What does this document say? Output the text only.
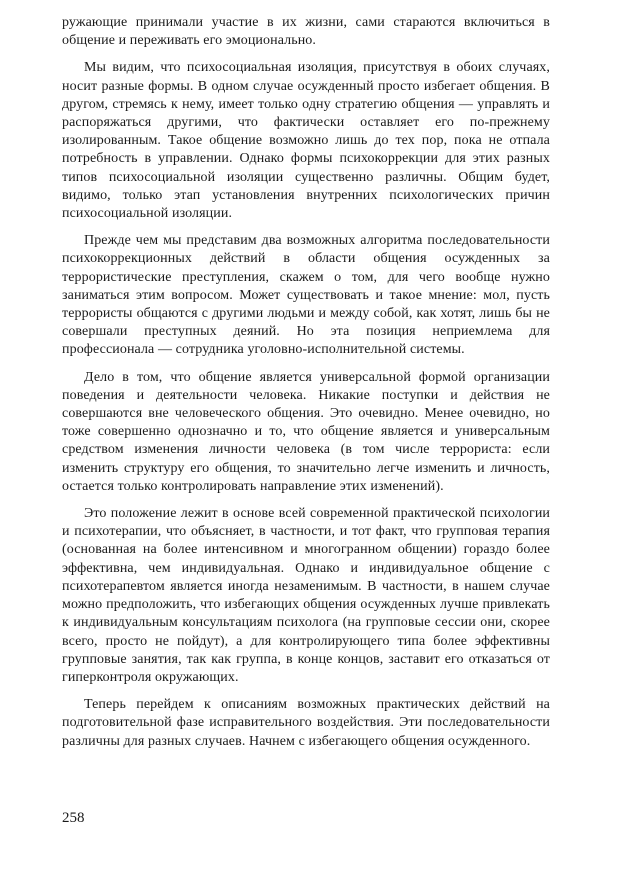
ружающие принимали участие в их жизни, сами стараются включиться в общение и переживать его эмоционально.

Мы видим, что психосоциальная изоляция, присутствуя в обоих случаях, носит разные формы. В одном случае осужденный просто избегает общения. В другом, стремясь к нему, имеет только одну стратегию общения — управлять и распоряжаться другими, что фактически оставляет его по-прежнему изолированным. Такое общение возможно лишь до тех пор, пока не отпала потребность в управлении. Однако формы психокоррекции для этих разных типов психосоциальной изоляции существенно различны. Общим будет, видимо, только этап установления внутренних психологических причин психосоциальной изоляции.

Прежде чем мы представим два возможных алгоритма последовательности психокоррекционных действий в области общения осужденных за террористические преступления, скажем о том, для чего вообще нужно заниматься этим вопросом. Может существовать и такое мнение: мол, пусть террористы общаются с другими людьми и между собой, как хотят, лишь бы не совершали преступных деяний. Но эта позиция неприемлема для профессионала — сотрудника уголовно-исполнительной системы.

Дело в том, что общение является универсальной формой организации поведения и деятельности человека. Никакие поступки и действия не совершаются вне человеческого общения. Это очевидно. Менее очевидно, но тоже совершенно однозначно и то, что общение является и универсальным средством изменения личности человека (в том числе террориста: если изменить структуру его общения, то значительно легче изменить и личность, остается только контролировать направление этих изменений).

Это положение лежит в основе всей современной практической психологии и психотерапии, что объясняет, в частности, и тот факт, что групповая терапия (основанная на более интенсивном и многогранном общении) гораздо более эффективна, чем индивидуальная. Однако и индивидуальное общение с психотерапевтом является иногда незаменимым. В частности, в нашем случае можно предположить, что избегающих общения осужденных лучше привлекать к индивидуальным консультациям психолога (на групповые сессии они, скорее всего, просто не пойдут), а для контролирующего типа более эффективны групповые занятия, так как группа, в конце концов, заставит его отказаться от гиперконтроля окружающих.

Теперь перейдем к описаниям возможных практических действий на подготовительной фазе исправительного воздействия. Эти последовательности различны для разных случаев. Начнем с избегающего общения осужденного.

258
